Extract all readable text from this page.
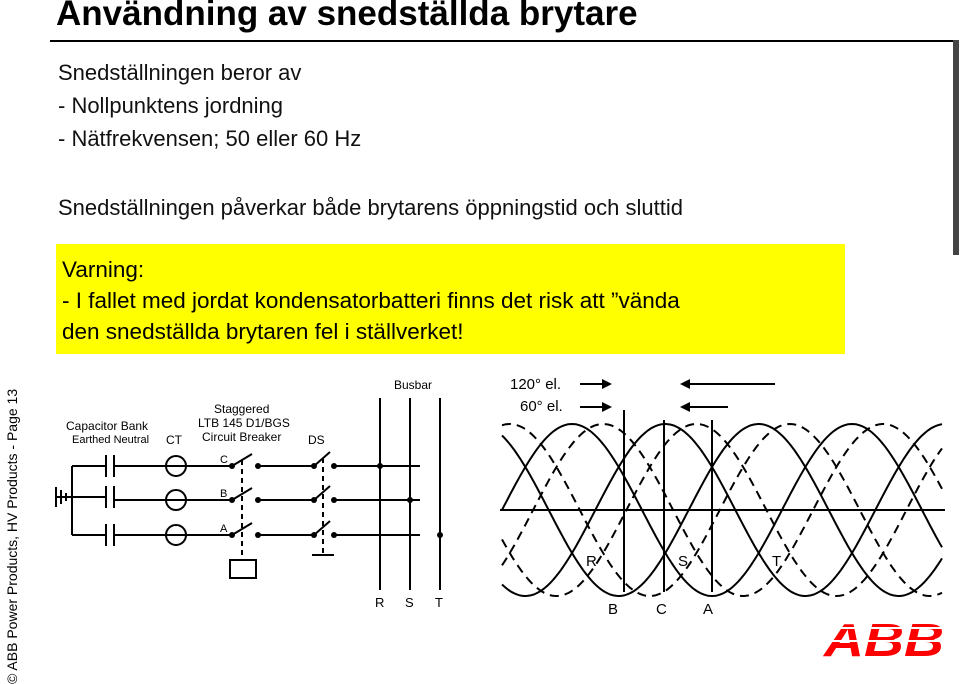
Användning av snedställda brytare
Snedställningen beror av
- Nollpunktens jordning
- Nätfrekvensen; 50 eller 60 Hz
Snedställningen påverkar både brytarens öppningstid och sluttid
Varning:
- I fallet med jordat kondensatorbatteri finns det risk att ”vända
den snedställda brytaren fel i ställverket!
© ABB Power Products, HV Products - Page 13	Capacitor Bank
Earthed Neutral CT
Staggered
LTB 145 D1/BGS
Circuit Breaker DS
Busbar
C
B
A
R S T
120° el.
60° el.
R	S	T
B	C A
ABB
